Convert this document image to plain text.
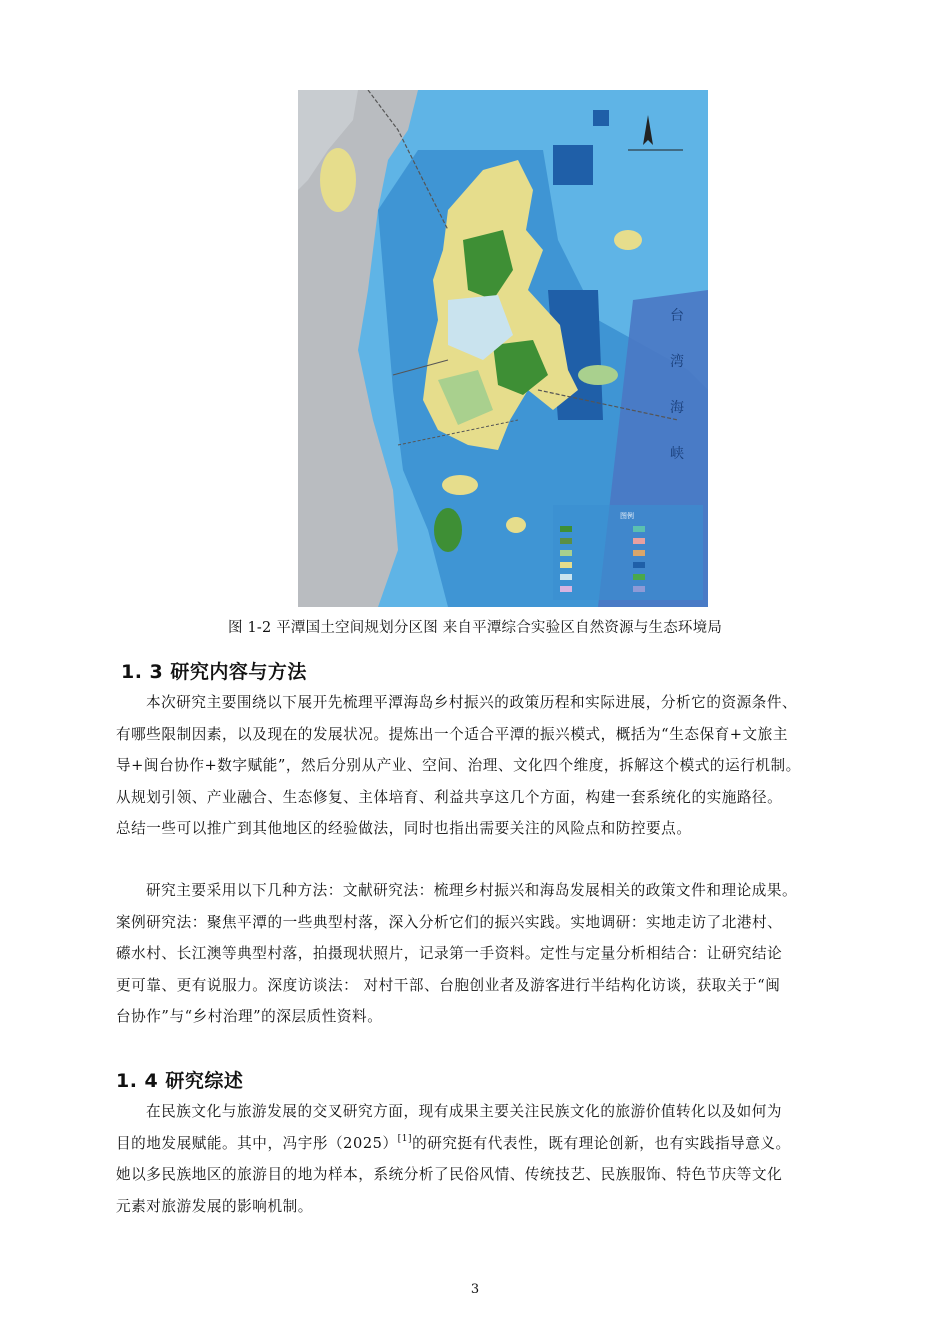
台湾海峡
图例
图 1-2 平潭国土空间规划分区图 来自平潭综合实验区自然资源与生态环境局
1. 3 研究内容与方法
本次研究主要围绕以下展开先梳理平潭海岛乡村振兴的政策历程和实际进展，分析它的资源条件、
有哪些限制因素，以及现在的发展状况。提炼出一个适合平潭的振兴模式，概括为“生态保育+文旅主
导+闽台协作+数字赋能”，然后分别从产业、空间、治理、文化四个维度，拆解这个模式的运行机制。
从规划引领、产业融合、生态修复、主体培育、利益共享这几个方面，构建一套系统化的实施路径。
总结一些可以推广到其他地区的经验做法，同时也指出需要关注的风险点和防控要点。
研究主要采用以下几种方法：文献研究法：梳理乡村振兴和海岛发展相关的政策文件和理论成果。
案例研究法：聚焦平潭的一些典型村落，深入分析它们的振兴实践。实地调研：实地走访了北港村、
礤水村、长江澳等典型村落，拍摄现状照片，记录第一手资料。定性与定量分析相结合：让研究结论
更可靠、更有说服力。深度访谈法： 对村干部、台胞创业者及游客进行半结构化访谈，获取关于“闽
台协作”与“乡村治理”的深层质性资料。
1. 4 研究综述
在民族文化与旅游发展的交叉研究方面，现有成果主要关注民族文化的旅游价值转化以及如何为
目的地发展赋能。其中，冯宇彤（2025）[1]的研究挺有代表性，既有理论创新，也有实践指导意义。
她以多民族地区的旅游目的地为样本，系统分析了民俗风情、传统技艺、民族服饰、特色节庆等文化
元素对旅游发展的影响机制。
3
